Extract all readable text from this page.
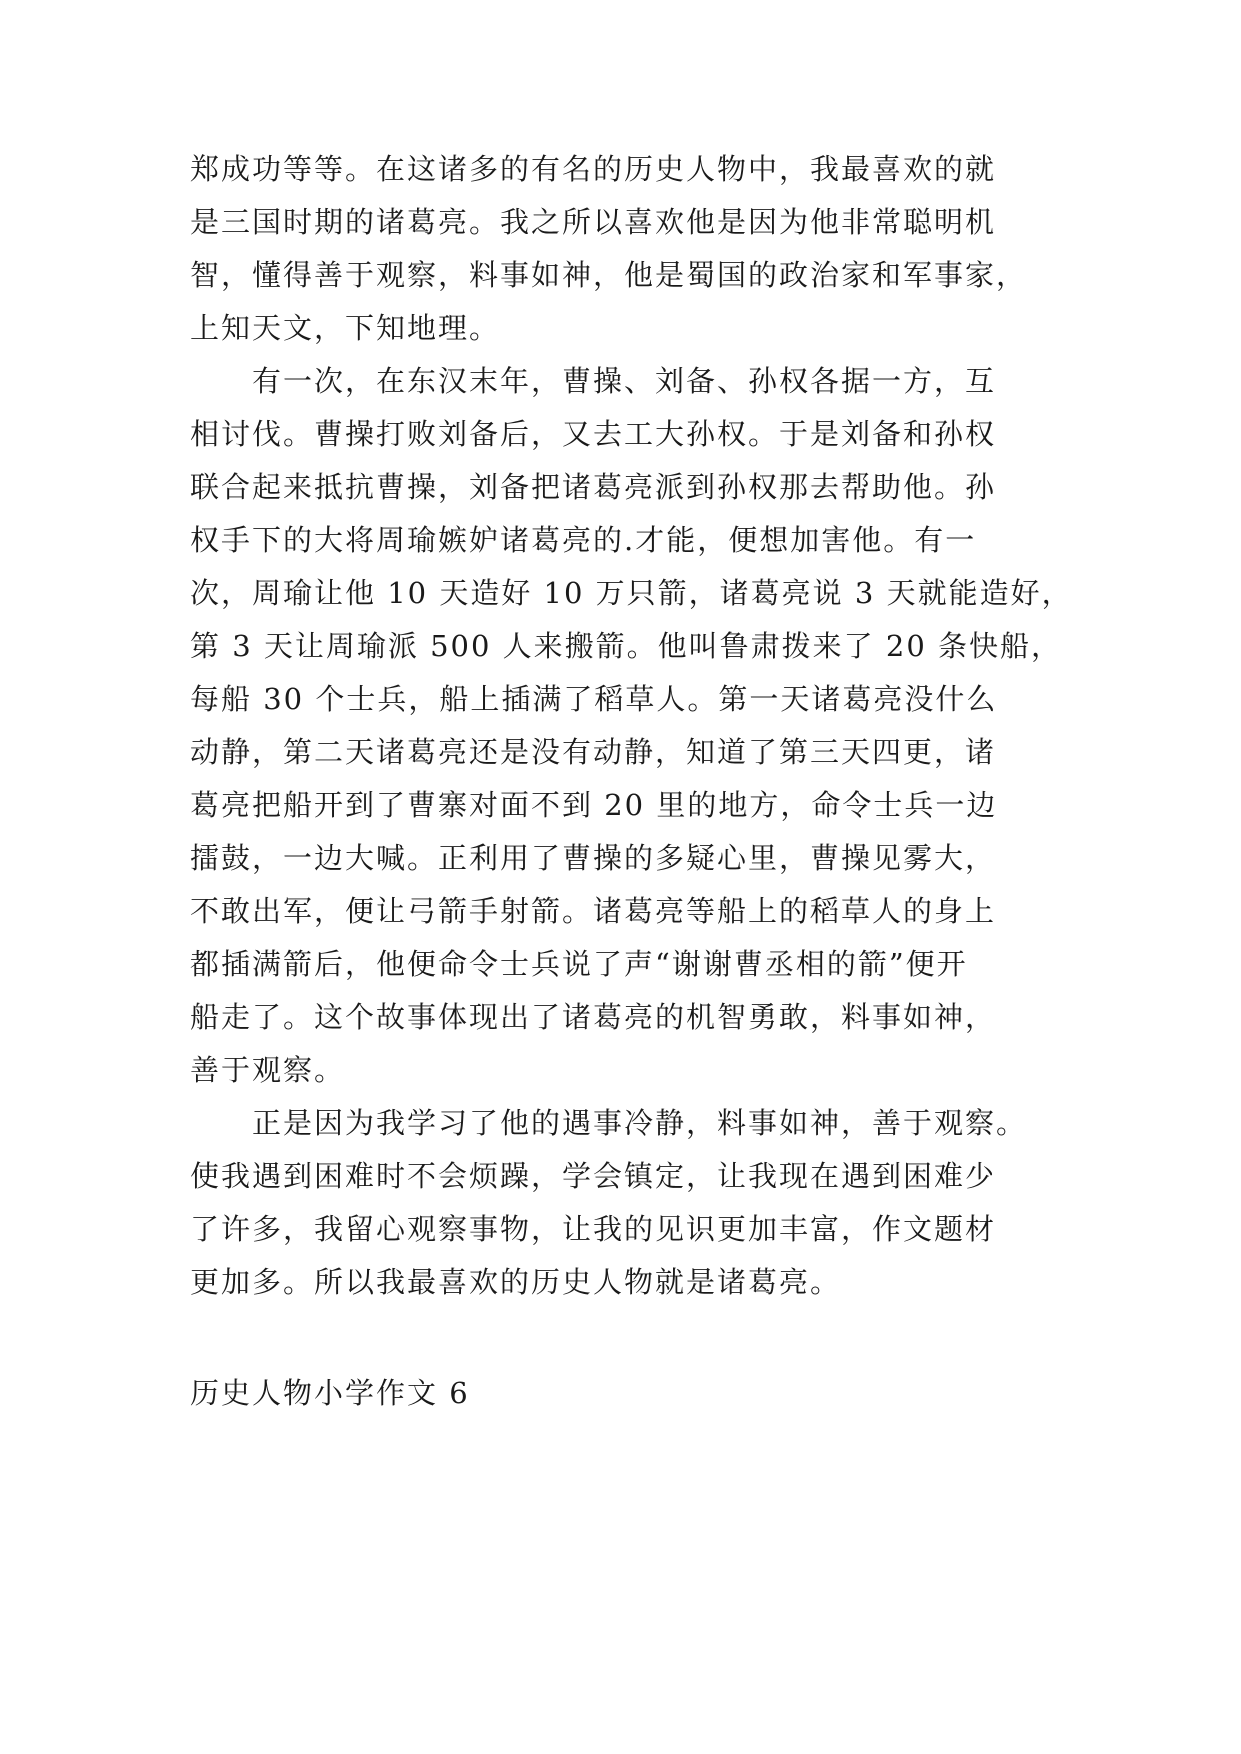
郑成功等等。在这诸多的有名的历史人物中，我最喜欢的就
是三国时期的诸葛亮。我之所以喜欢他是因为他非常聪明机
智，懂得善于观察，料事如神，他是蜀国的政治家和军事家，
上知天文，下知地理。
有一次，在东汉末年，曹操、刘备、孙权各据一方，互
相讨伐。曹操打败刘备后，又去工大孙权。于是刘备和孙权
联合起来抵抗曹操，刘备把诸葛亮派到孙权那去帮助他。孙
权手下的大将周瑜嫉妒诸葛亮的.才能，便想加害他。有一
次，周瑜让他 10 天造好 10 万只箭，诸葛亮说 3 天就能造好，
第 3 天让周瑜派 500 人来搬箭。他叫鲁肃拨来了 20 条快船，
每船 30 个士兵，船上插满了稻草人。第一天诸葛亮没什么
动静，第二天诸葛亮还是没有动静，知道了第三天四更，诸
葛亮把船开到了曹寨对面不到 20 里的地方，命令士兵一边
擂鼓，一边大喊。正利用了曹操的多疑心里，曹操见雾大，
不敢出军，便让弓箭手射箭。诸葛亮等船上的稻草人的身上
都插满箭后，他便命令士兵说了声“谢谢曹丞相的箭”便开
船走了。这个故事体现出了诸葛亮的机智勇敢，料事如神，
善于观察。
正是因为我学习了他的遇事冷静，料事如神，善于观察。
使我遇到困难时不会烦躁，学会镇定，让我现在遇到困难少
了许多，我留心观察事物，让我的见识更加丰富，作文题材
更加多。所以我最喜欢的历史人物就是诸葛亮。
历史人物小学作文 6
